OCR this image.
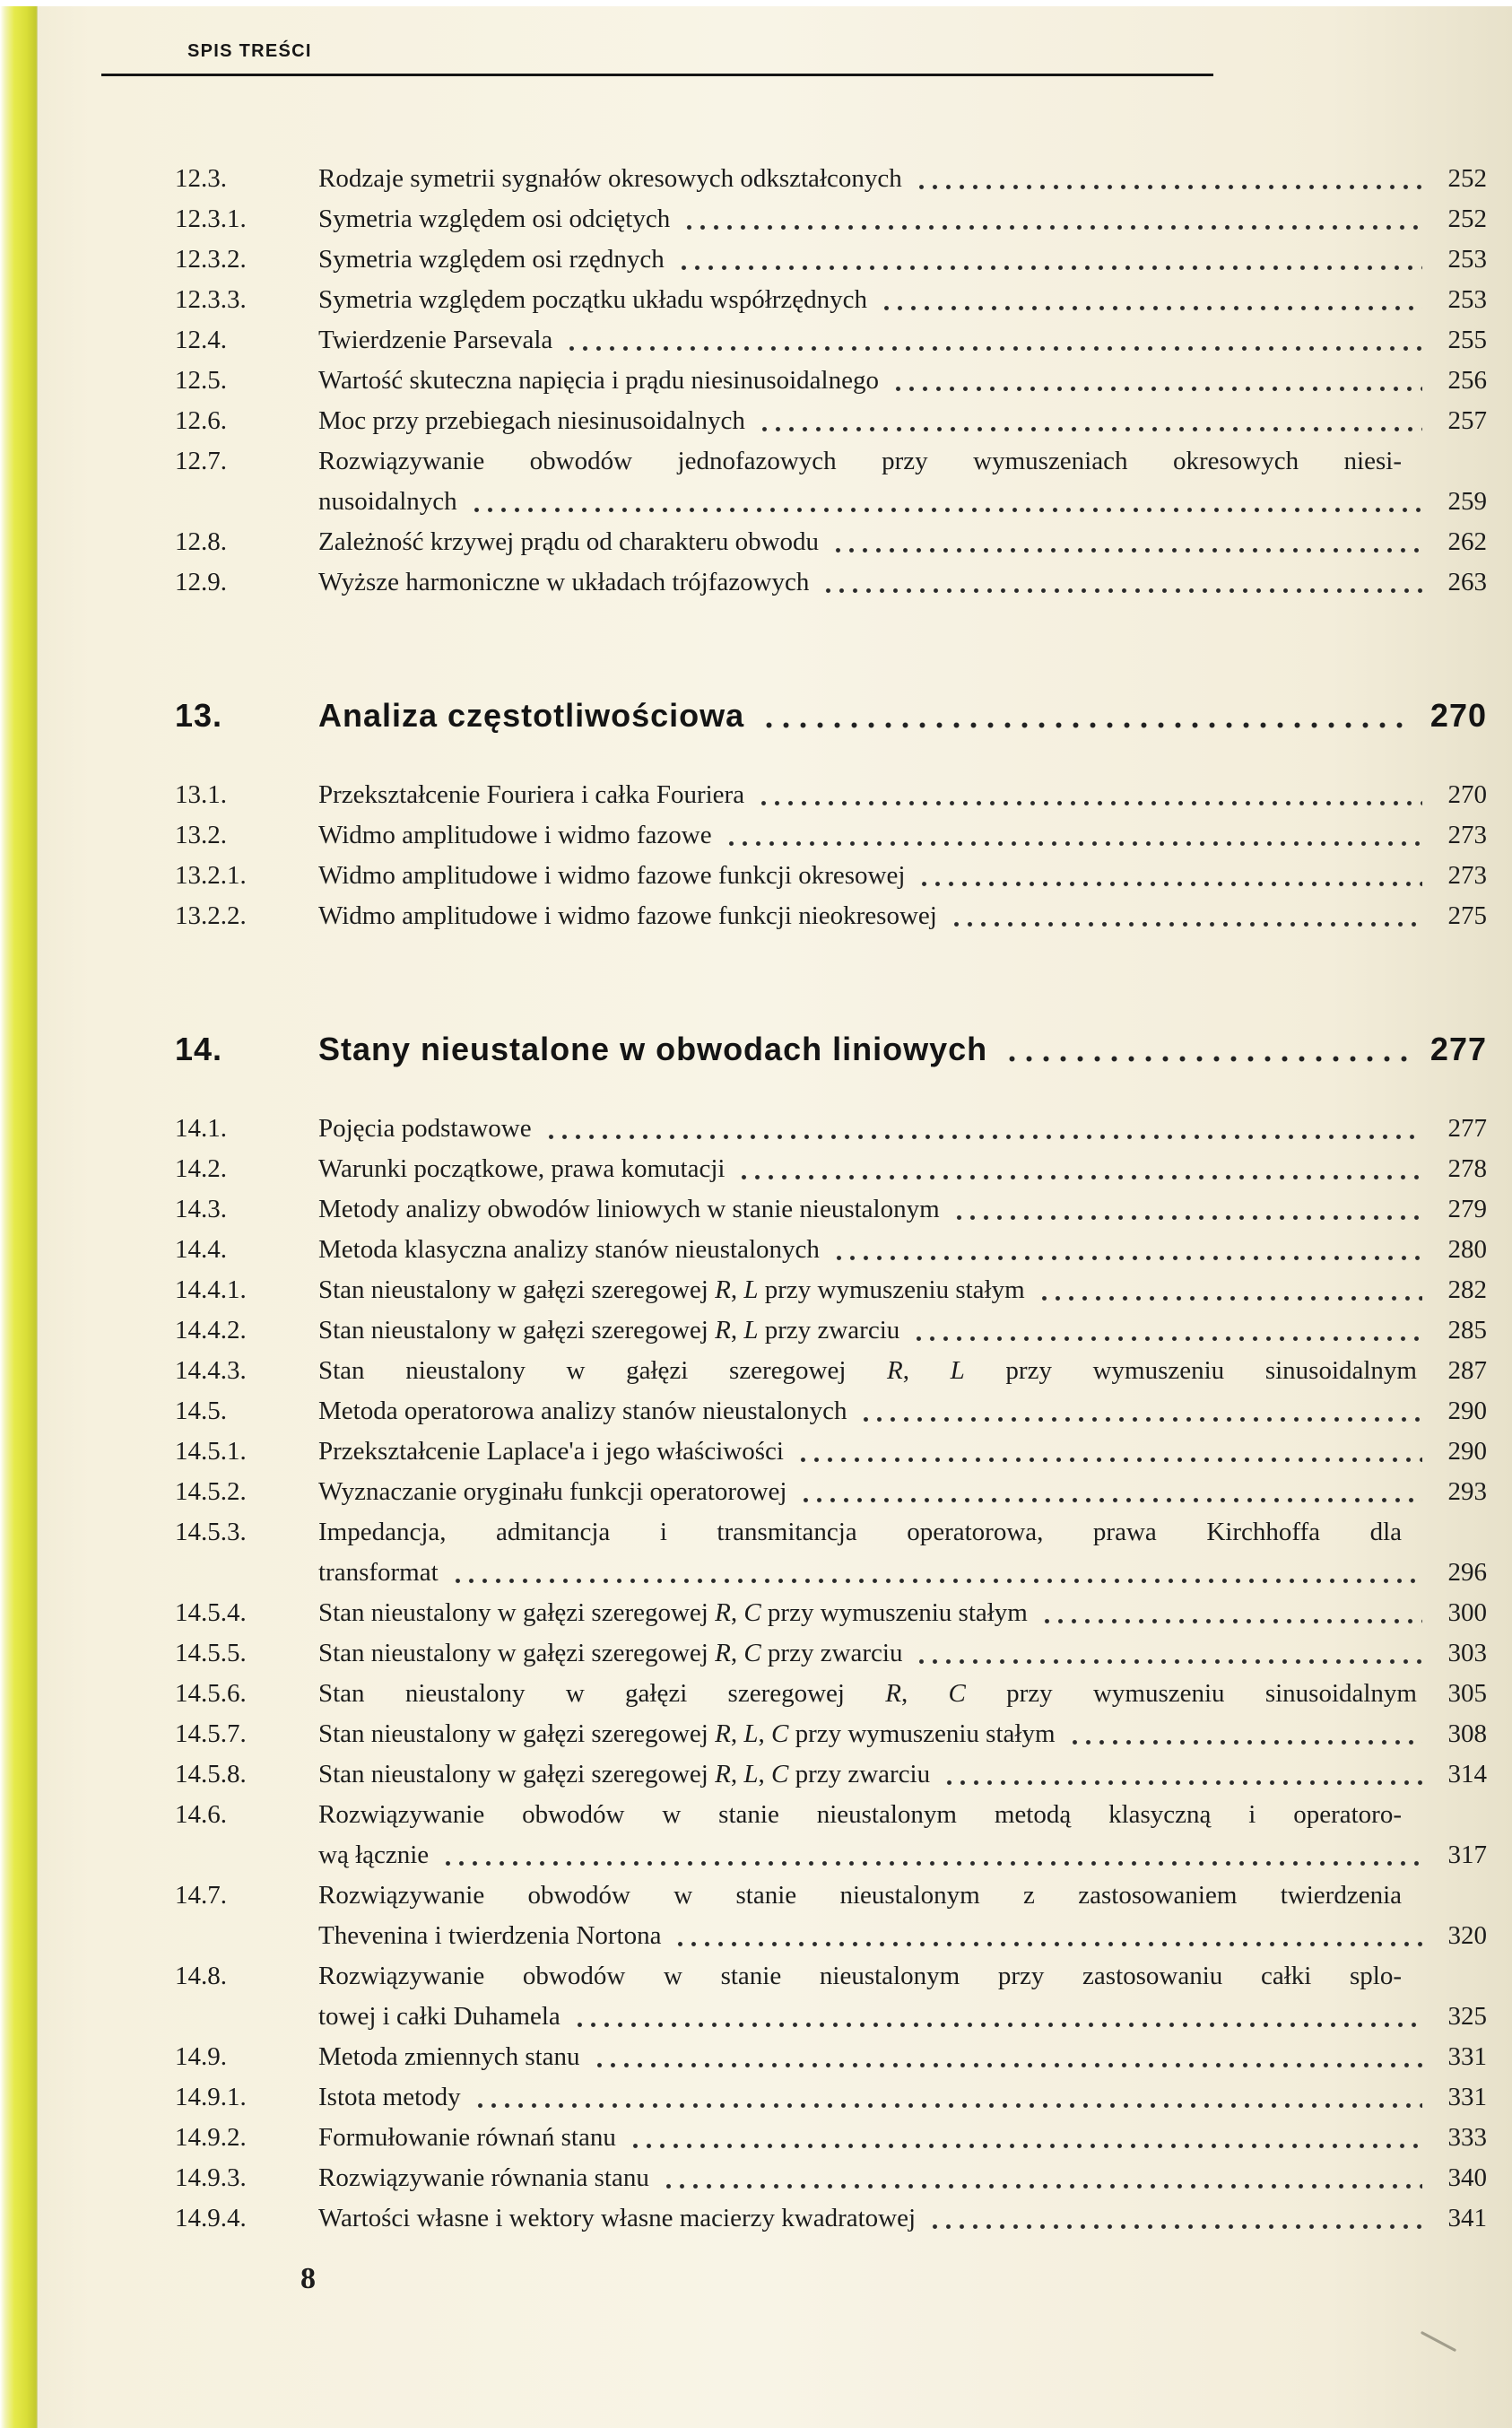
SPIS TREŚCI
12.3.	Rodzaje symetrii sygnałów okresowych odkształconych	252
12.3.1.	Symetria względem osi odciętych	252
12.3.2.	Symetria względem osi rzędnych	253
12.3.3.	Symetria względem początku układu współrzędnych	253
12.4.	Twierdzenie Parsevala	255
12.5.	Wartość skuteczna napięcia i prądu niesinusoidalnego	256
12.6.	Moc przy przebiegach niesinusoidalnych	257
12.7.	Rozwiązywanie obwodów jednofazowych przy wymuszeniach okresowych niesi-
nusoidalnych	259
12.8.	Zależność krzywej prądu od charakteru obwodu	262
12.9.	Wyższe harmoniczne w układach trójfazowych	263
13.	Analiza częstotliwościowa	270
13.1.	Przekształcenie Fouriera i całka Fouriera	270
13.2.	Widmo amplitudowe i widmo fazowe	273
13.2.1.	Widmo amplitudowe i widmo fazowe funkcji okresowej	273
13.2.2.	Widmo amplitudowe i widmo fazowe funkcji nieokresowej	275
14.	Stany nieustalone w obwodach liniowych	277
14.1.	Pojęcia podstawowe	277
14.2.	Warunki początkowe, prawa komutacji	278
14.3.	Metody analizy obwodów liniowych w stanie nieustalonym	279
14.4.	Metoda klasyczna analizy stanów nieustalonych	280
14.4.1.	Stan nieustalony w gałęzi szeregowej R, L przy wymuszeniu stałym	282
14.4.2.	Stan nieustalony w gałęzi szeregowej R, L przy zwarciu	285
14.4.3.	Stan nieustalony w gałęzi szeregowej R, L przy wymuszeniu sinusoidalnym	287
14.5.	Metoda operatorowa analizy stanów nieustalonych	290
14.5.1.	Przekształcenie Laplace'a i jego właściwości	290
14.5.2.	Wyznaczanie oryginału funkcji operatorowej	293
14.5.3.	Impedancja, admitancja i transmitancja operatorowa, prawa Kirchhoffa dla
transformat	296
14.5.4.	Stan nieustalony w gałęzi szeregowej R, C przy wymuszeniu stałym	300
14.5.5.	Stan nieustalony w gałęzi szeregowej R, C przy zwarciu	303
14.5.6.	Stan nieustalony w gałęzi szeregowej R, C przy wymuszeniu sinusoidalnym	305
14.5.7.	Stan nieustalony w gałęzi szeregowej R, L, C przy wymuszeniu stałym	308
14.5.8.	Stan nieustalony w gałęzi szeregowej R, L, C przy zwarciu	314
14.6.	Rozwiązywanie obwodów w stanie nieustalonym metodą klasyczną i operatoro-
wą łącznie	317
14.7.	Rozwiązywanie obwodów w stanie nieustalonym z zastosowaniem twierdzenia
Thevenina i twierdzenia Nortona	320
14.8.	Rozwiązywanie obwodów w stanie nieustalonym przy zastosowaniu całki splo-
towej i całki Duhamela	325
14.9.	Metoda zmiennych stanu	331
14.9.1.	Istota metody	331
14.9.2.	Formułowanie równań stanu	333
14.9.3.	Rozwiązywanie równania stanu	340
14.9.4.	Wartości własne i wektory własne macierzy kwadratowej	341
8
